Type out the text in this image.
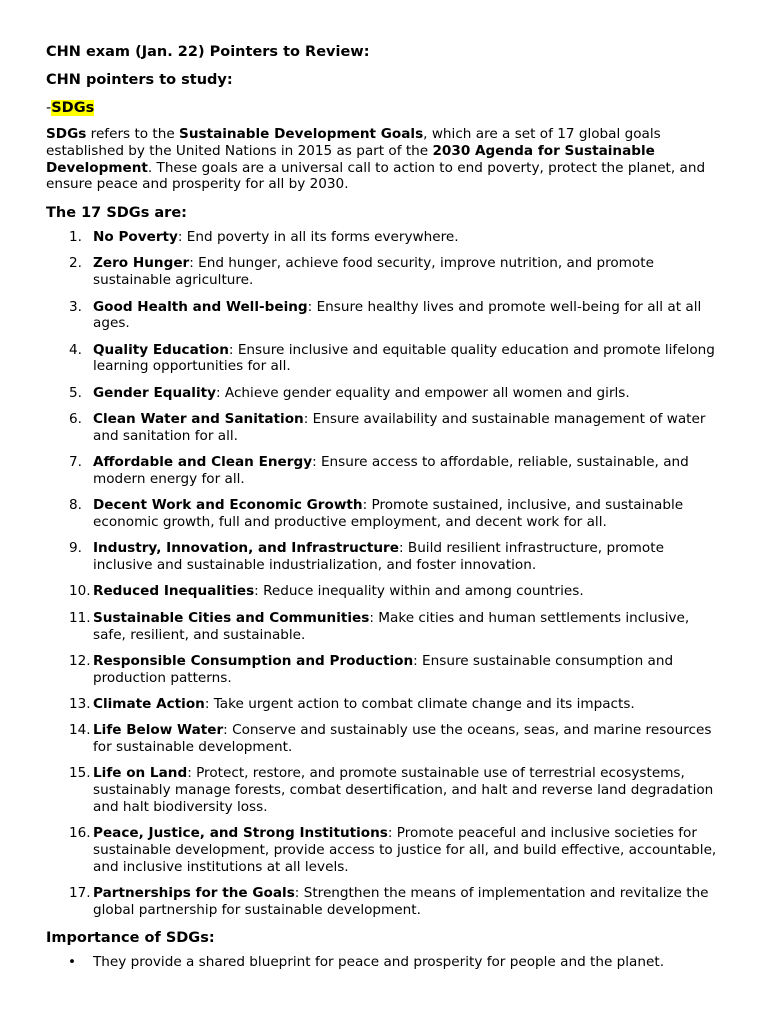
CHN exam (Jan. 22) Pointers to Review:
CHN pointers to study:
-SDGs
SDGs refers to the Sustainable Development Goals, which are a set of 17 global goals established by the United Nations in 2015 as part of the 2030 Agenda for Sustainable Development. These goals are a universal call to action to end poverty, protect the planet, and ensure peace and prosperity for all by 2030.
The 17 SDGs are:
1. No Poverty: End poverty in all its forms everywhere.
2. Zero Hunger: End hunger, achieve food security, improve nutrition, and promote sustainable agriculture.
3. Good Health and Well-being: Ensure healthy lives and promote well-being for all at all ages.
4. Quality Education: Ensure inclusive and equitable quality education and promote lifelong learning opportunities for all.
5. Gender Equality: Achieve gender equality and empower all women and girls.
6. Clean Water and Sanitation: Ensure availability and sustainable management of water and sanitation for all.
7. Affordable and Clean Energy: Ensure access to affordable, reliable, sustainable, and modern energy for all.
8. Decent Work and Economic Growth: Promote sustained, inclusive, and sustainable economic growth, full and productive employment, and decent work for all.
9. Industry, Innovation, and Infrastructure: Build resilient infrastructure, promote inclusive and sustainable industrialization, and foster innovation.
10. Reduced Inequalities: Reduce inequality within and among countries.
11. Sustainable Cities and Communities: Make cities and human settlements inclusive, safe, resilient, and sustainable.
12. Responsible Consumption and Production: Ensure sustainable consumption and production patterns.
13. Climate Action: Take urgent action to combat climate change and its impacts.
14. Life Below Water: Conserve and sustainably use the oceans, seas, and marine resources for sustainable development.
15. Life on Land: Protect, restore, and promote sustainable use of terrestrial ecosystems, sustainably manage forests, combat desertification, and halt and reverse land degradation and halt biodiversity loss.
16. Peace, Justice, and Strong Institutions: Promote peaceful and inclusive societies for sustainable development, provide access to justice for all, and build effective, accountable, and inclusive institutions at all levels.
17. Partnerships for the Goals: Strengthen the means of implementation and revitalize the global partnership for sustainable development.
Importance of SDGs:
• They provide a shared blueprint for peace and prosperity for people and the planet.
